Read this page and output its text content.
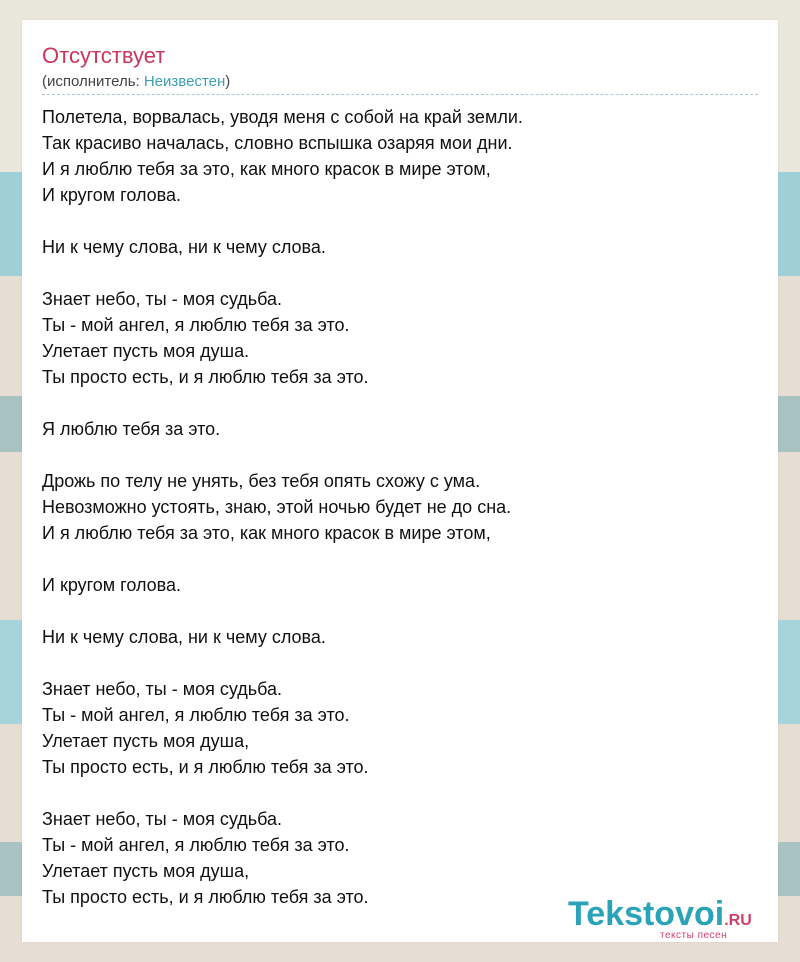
Отсутствует
(исполнитель: Неизвестен)
Полетела, ворвалась, уводя меня с собой на край земли.
Так красиво началась, словно вспышка озаряя мои дни.
И я люблю тебя за это, как много красок в мире этом,
И кругом голова.
Ни к чему слова, ни к чему слова.
Знает небо, ты - моя судьба.
Ты - мой ангел, я люблю тебя за это.
Улетает пусть моя душа.
Ты просто есть, и я люблю тебя за это.
Я люблю тебя за это.
Дрожь по телу не унять, без тебя опять схожу с ума.
Невозможно устоять, знаю, этой ночью будет не до сна.
И я люблю тебя за это, как много красок в мире этом,
И кругом голова.
Ни к чему слова, ни к чему слова.
Знает небо, ты - моя судьба.
Ты - мой ангел, я люблю тебя за это.
Улетает пусть моя душа,
Ты просто есть, и я люблю тебя за это.
Знает небо, ты - моя судьба.
Ты - мой ангел, я люблю тебя за это.
Улетает пусть моя душа,
Ты просто есть, и я люблю тебя за это.	Tekstovoi.RU
тексты песен
